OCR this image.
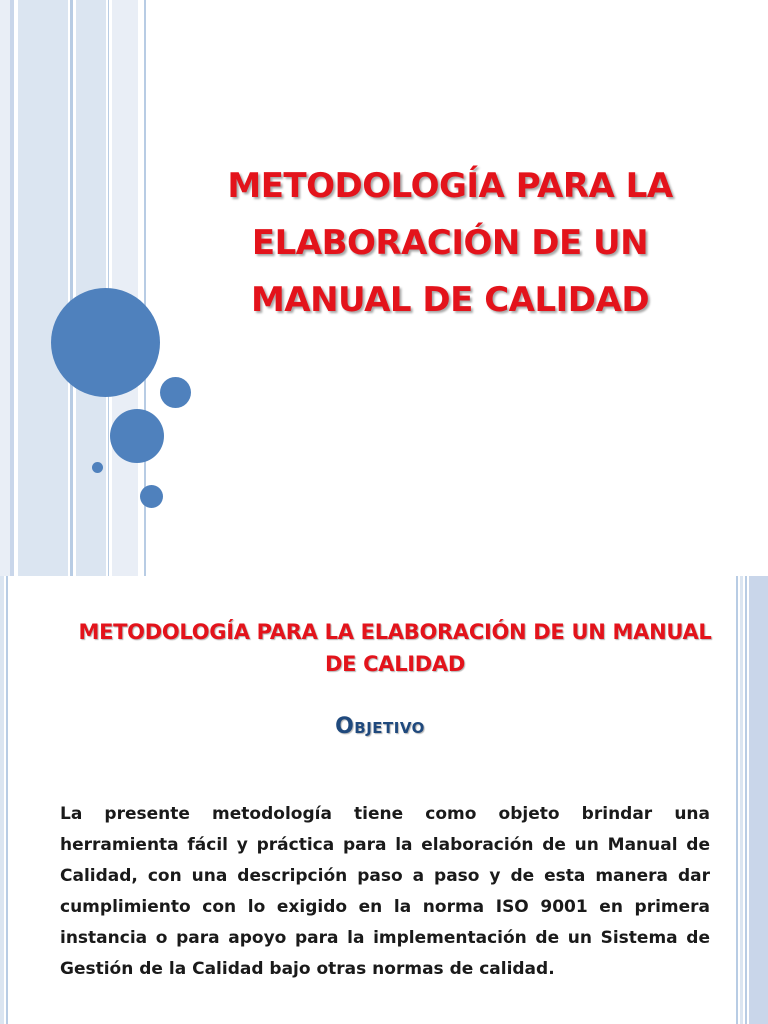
METODOLOGÍA PARA LA ELABORACIÓN DE UN MANUAL DE CALIDAD
METODOLOGÍA PARA LA ELABORACIÓN DE UN MANUAL DE CALIDAD
Objetivo
La presente metodología tiene como objeto brindar una herramienta fácil y práctica para la elaboración de un Manual de Calidad, con una descripción paso a paso y de esta manera dar cumplimiento con lo exigido en la norma ISO 9001 en primera instancia o para apoyo para la implementación de un Sistema de Gestión de la Calidad bajo otras normas de calidad.
